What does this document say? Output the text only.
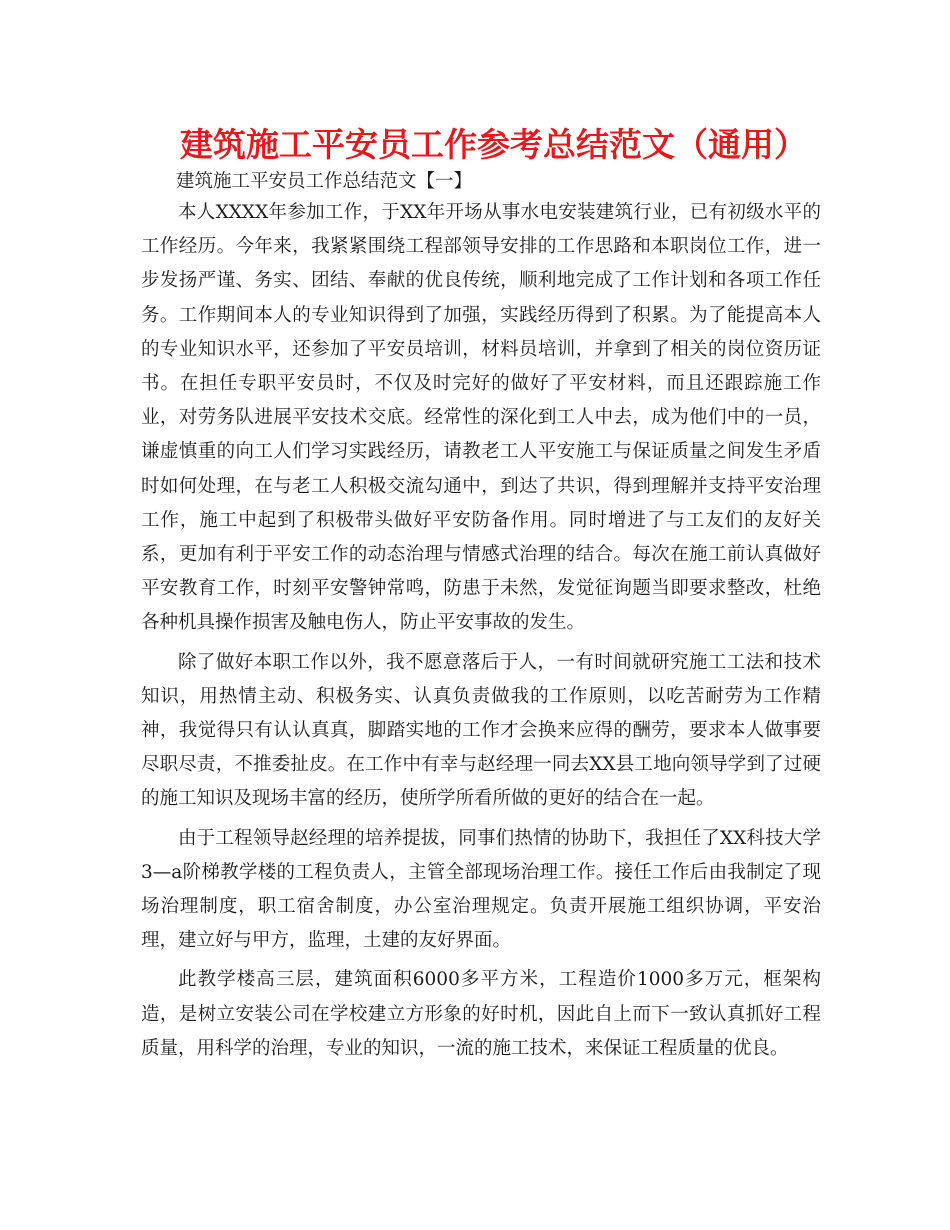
建筑施工平安员工作参考总结范文（通用）

建筑施工平安员工作总结范文【一】

本人XXXX年参加工作，于XX年开场从事水电安装建筑行业，已有初级水平的工作经历。今年来，我紧紧围绕工程部领导安排的工作思路和本职岗位工作，进一步发扬严谨、务实、团结、奉献的优良传统，顺利地完成了工作计划和各项工作任务。工作期间本人的专业知识得到了加强，实践经历得到了积累。为了能提高本人的专业知识水平，还参加了平安员培训，材料员培训，并拿到了相关的岗位资历证书。在担任专职平安员时，不仅及时完好的做好了平安材料，而且还跟踪施工作业，对劳务队进展平安技术交底。经常性的深化到工人中去，成为他们中的一员，谦虚慎重的向工人们学习实践经历，请教老工人平安施工与保证质量之间发生矛盾时如何处理，在与老工人积极交流勾通中，到达了共识，得到理解并支持平安治理工作，施工中起到了积极带头做好平安防备作用。同时增进了与工友们的友好关系，更加有利于平安工作的动态治理与情感式治理的结合。每次在施工前认真做好平安教育工作，时刻平安警钟常鸣，防患于未然，发觉征询题当即要求整改，杜绝各种机具操作损害及触电伤人，防止平安事故的发生。

除了做好本职工作以外，我不愿意落后于人，一有时间就研究施工工法和技术知识，用热情主动、积极务实、认真负责做我的工作原则，以吃苦耐劳为工作精神，我觉得只有认认真真，脚踏实地的工作才会换来应得的酬劳，要求本人做事要尽职尽责，不推委扯皮。在工作中有幸与赵经理一同去XX县工地向领导学到了过硬的施工知识及现场丰富的经历，使所学所看所做的更好的结合在一起。

由于工程领导赵经理的培养提拔，同事们热情的协助下，我担任了XX科技大学3—a阶梯教学楼的工程负责人，主管全部现场治理工作。接任工作后由我制定了现场治理制度，职工宿舍制度，办公室治理规定。负责开展施工组织协调，平安治理，建立好与甲方，监理，土建的友好界面。

此教学楼高三层，建筑面积6000多平方米，工程造价1000多万元，框架构造，是树立安装公司在学校建立方形象的好时机，因此自上而下一致认真抓好工程质量，用科学的治理，专业的知识，一流的施工技术，来保证工程质量的优良。
